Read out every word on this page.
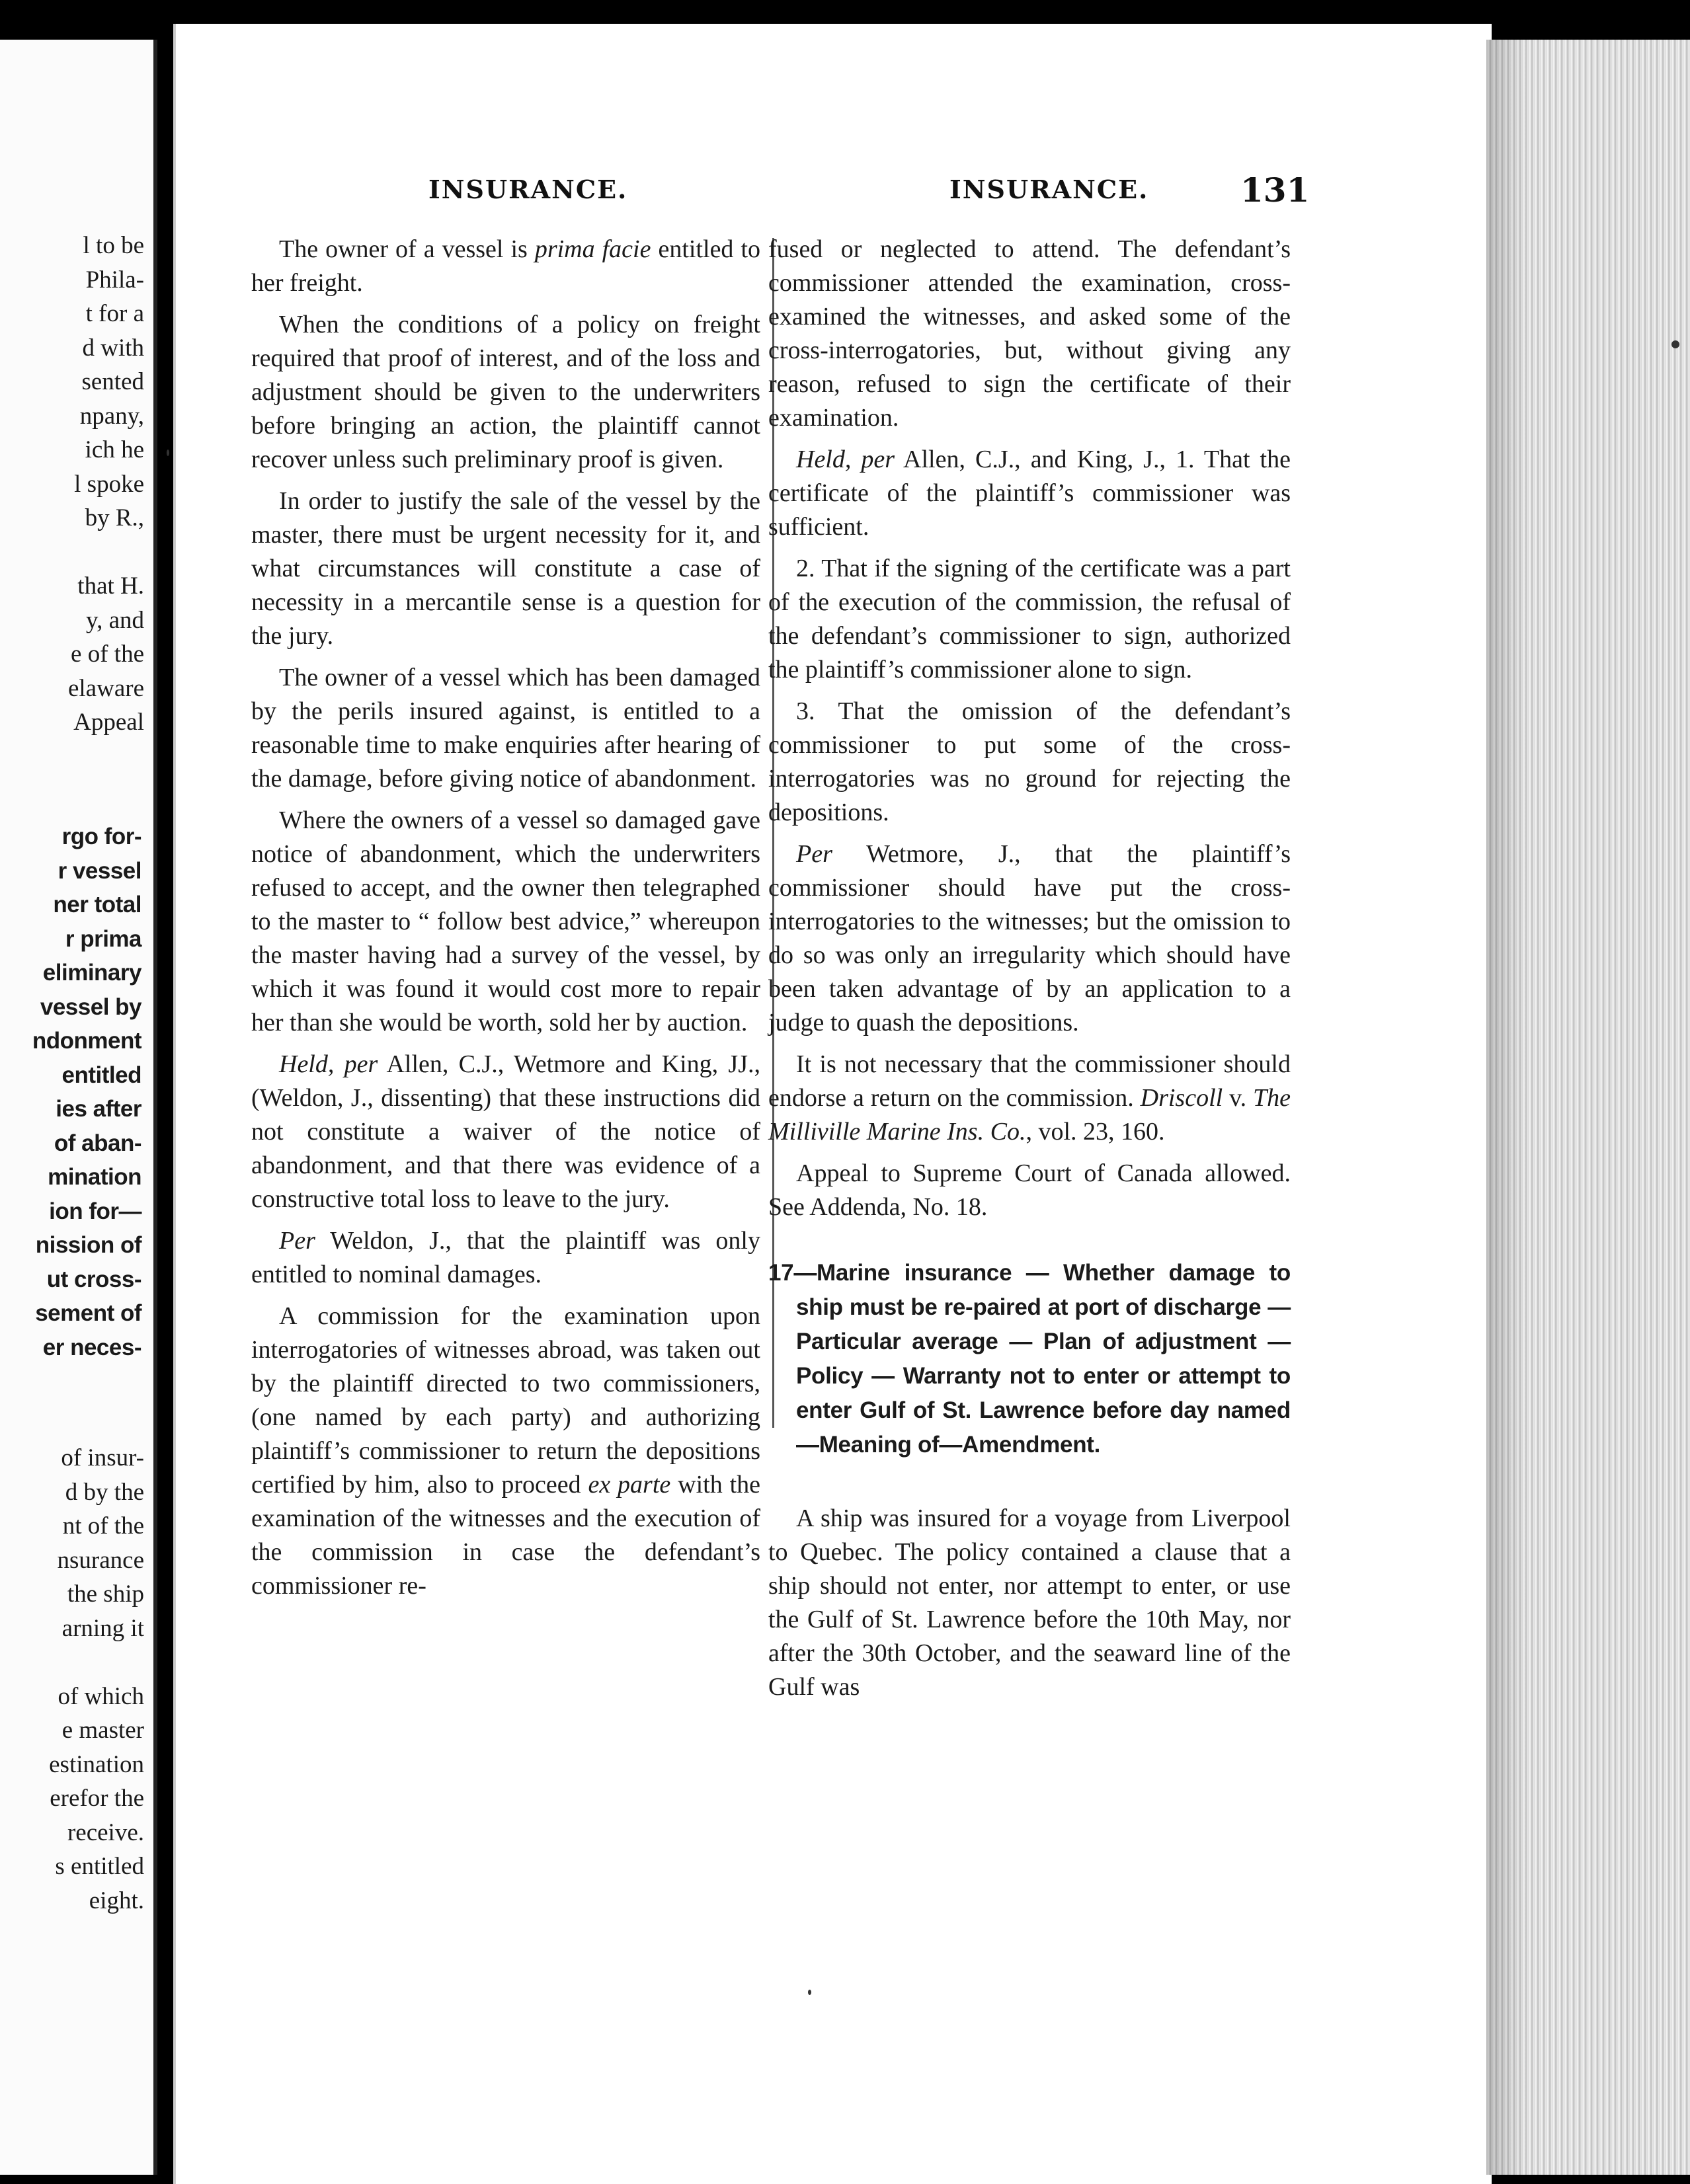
l to be
Phila-
t for a
d with
sented
npany,
ich he
l spoke
by R.,
that H.
y, and
e of the
elaware
Appeal
rgo for-
r vessel
ner total
r prima
eliminary
vessel by
ndonment
entitled
ies after
of aban-
mination
ion for—
nission of
ut cross-
sement of
er neces-
of insur-
d by the
nt of the
nsurance
the ship
arning it
of which
e master
estination
erefor the
receive.
s entitled
eight.
INSURANCE.	INSURANCE.	131

The owner of a vessel is prima facie entitled to her freight.

When the conditions of a policy on freight required that proof of interest, and of the loss and adjustment should be given to the underwriters before bringing an action, the plaintiff cannot recover unless such preliminary proof is given.

In order to justify the sale of the vessel by the master, there must be urgent necessity for it, and what circumstances will constitute a case of necessity in a mercantile sense is a question for the jury.

The owner of a vessel which has been damaged by the perils insured against, is entitled to a reasonable time to make enquiries after hearing of the damage, before giving notice of abandonment.

Where the owners of a vessel so damaged gave notice of abandonment, which the underwriters refused to accept, and the owner then telegraphed to the master to “ follow best advice,” whereupon the master having had a survey of the vessel, by which it was found it would cost more to repair her than she would be worth, sold her by auction.

Held, per Allen, C.J., Wetmore and King, JJ., (Weldon, J., dissenting) that these instructions did not constitute a waiver of the notice of abandonment, and that there was evidence of a constructive total loss to leave to the jury.

Per Weldon, J., that the plaintiff was only entitled to nominal damages.

A commission for the examination upon interrogatories of witnesses abroad, was taken out by the plaintiff directed to two commissioners, (one named by each party) and authorizing plaintiff’s commissioner to return the depositions certified by him, also to proceed ex parte with the examination of the witnesses and the execution of the commission in case the defendant’s commissioner re-

fused or neglected to attend. The defendant’s commissioner attended the examination, cross-examined the witnesses, and asked some of the cross-interrogatories, but, without giving any reason, refused to sign the certificate of their examination.

Held, per Allen, C.J., and King, J., 1. That the certificate of the plaintiff’s commissioner was sufficient.

2. That if the signing of the certificate was a part of the execution of the commission, the refusal of the defendant’s commissioner to sign, authorized the plaintiff’s commissioner alone to sign.

3. That the omission of the defendant’s commissioner to put some of the cross-interrogatories was no ground for rejecting the depositions.

Per Wetmore, J., that the plaintiff’s commissioner should have put the cross-interrogatories to the witnesses; but the omission to do so was only an irregularity which should have been taken advantage of by an application to a judge to quash the depositions.

It is not necessary that the commissioner should endorse a return on the commission. Driscoll v. The Milliville Marine Ins. Co., vol. 23, 160.

Appeal to Supreme Court of Canada allowed. See Addenda, No. 18.

17—Marine insurance — Whether damage to ship must be re-paired at port of discharge — Particular average — Plan of adjustment — Policy — Warranty not to enter or attempt to enter Gulf of St. Lawrence before day named—Meaning of—Amendment.

A ship was insured for a voyage from Liverpool to Quebec. The policy contained a clause that a ship should not enter, nor attempt to enter, or use the Gulf of St. Lawrence before the 10th May, nor after the 30th October, and the seaward line of the Gulf was
